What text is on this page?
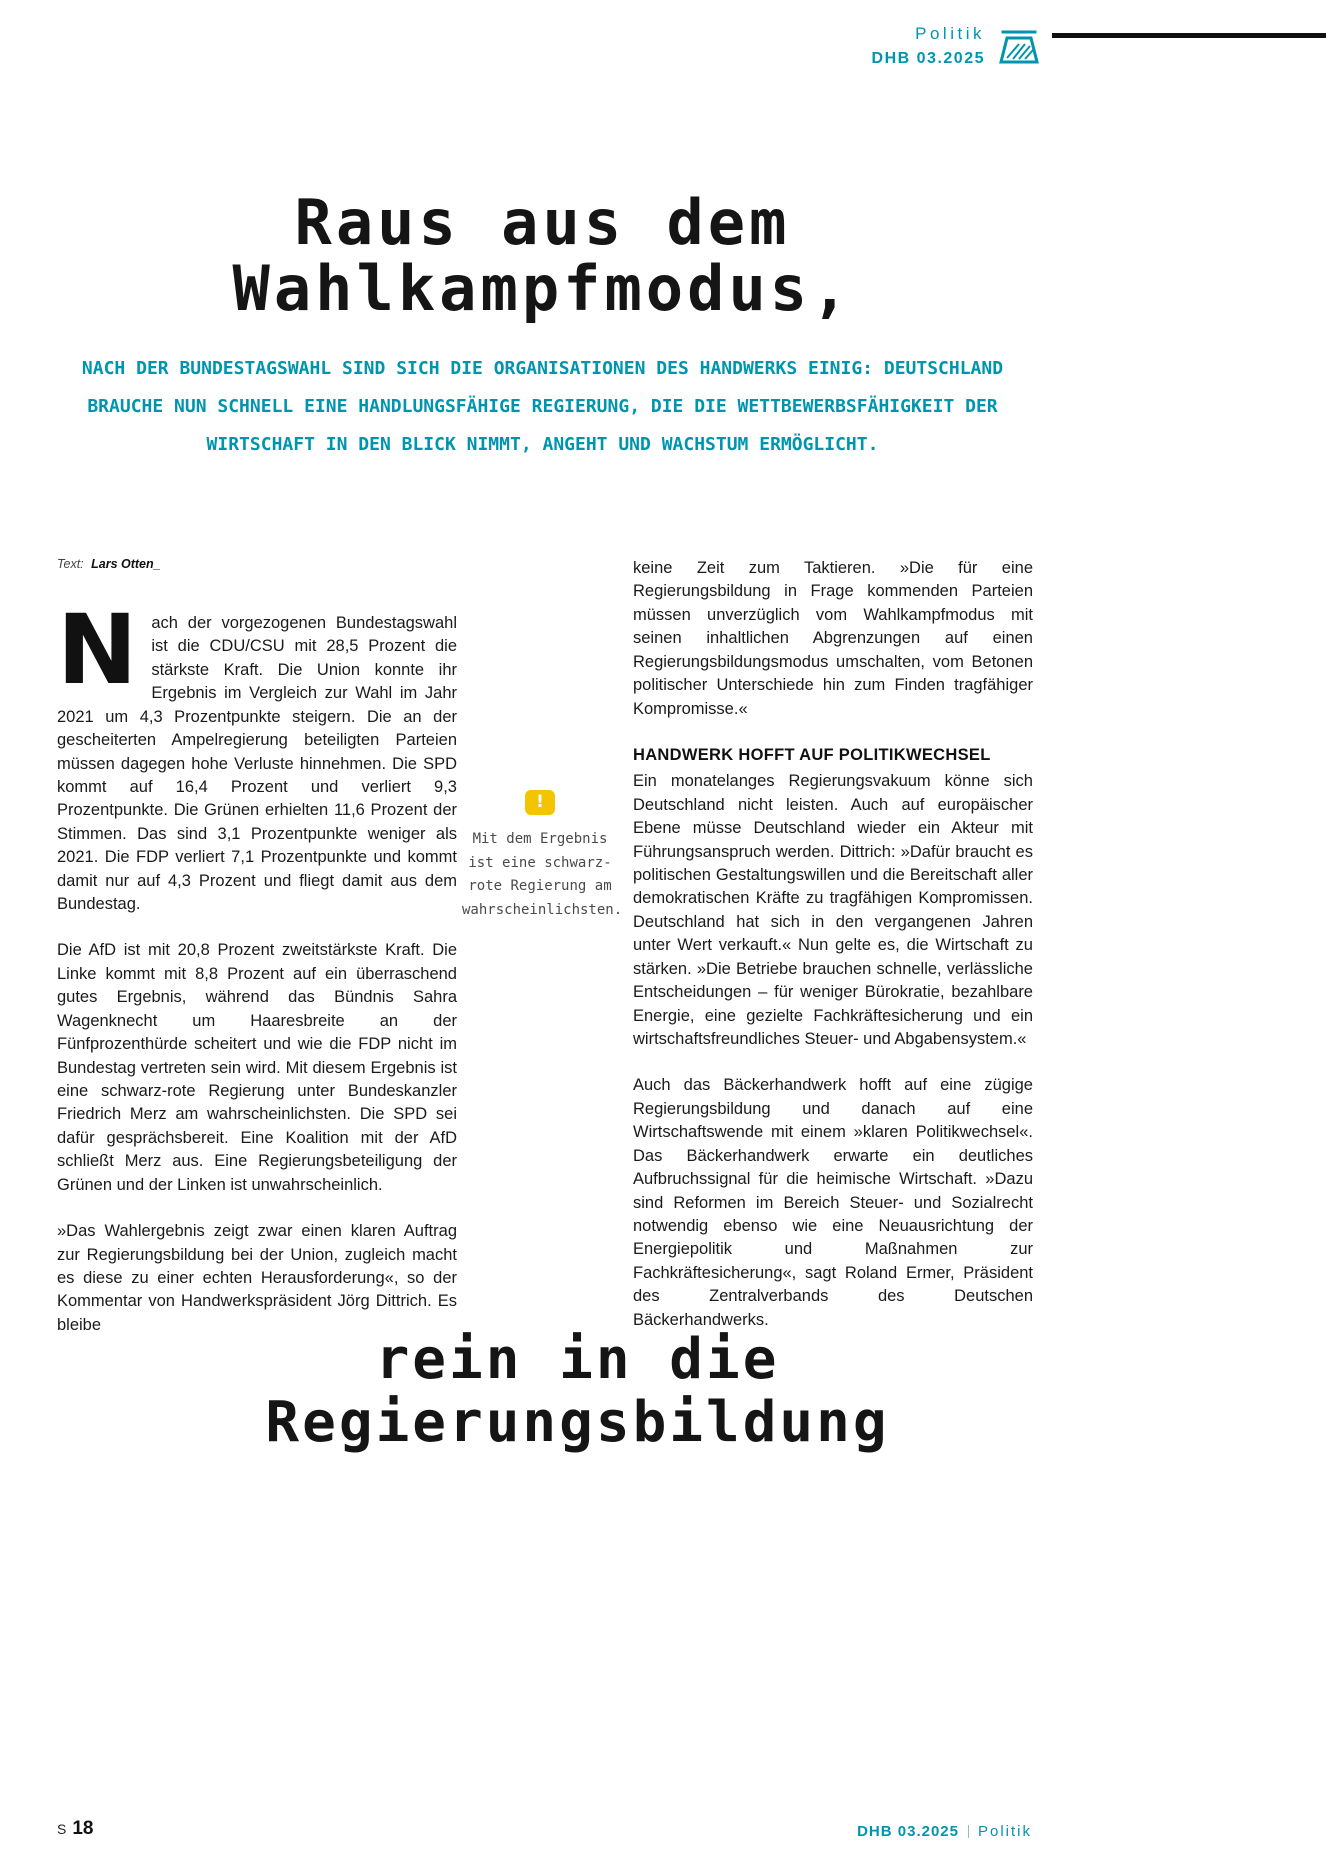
Politik
DHB 03.2025
Raus aus dem
Wahlkampfmodus,
NACH DER BUNDESTAGSWAHL SIND SICH DIE ORGANISATIONEN DES HANDWERKS EINIG: DEUTSCHLAND BRAUCHE NUN SCHNELL EINE HANDLUNGSFÄHIGE REGIERUNG, DIE DIE WETTBEWERBSFÄHIGKEIT DER WIRTSCHAFT IN DEN BLICK NIMMT, ANGEHT UND WACHSTUM ERMÖGLICHT.
Text: Lars Otten_

Nach der vorgezogenen Bundestagswahl ist die CDU/CSU mit 28,5 Prozent die stärkste Kraft. Die Union konnte ihr Ergebnis im Vergleich zur Wahl im Jahr 2021 um 4,3 Prozentpunkte steigern. Die an der gescheiterten Ampelregierung beteiligten Parteien müssen dagegen hohe Verluste hinnehmen. Die SPD kommt auf 16,4 Prozent und verliert 9,3 Prozentpunkte. Die Grünen erhielten 11,6 Prozent der Stimmen. Das sind 3,1 Prozentpunkte weniger als 2021. Die FDP verliert 7,1 Prozentpunkte und kommt damit nur auf 4,3 Prozent und fliegt damit aus dem Bundestag.

Die AfD ist mit 20,8 Prozent zweitstärkste Kraft. Die Linke kommt mit 8,8 Prozent auf ein überraschend gutes Ergebnis, während das Bündnis Sahra Wagenknecht um Haaresbreite an der Fünfprozenthürde scheitert und wie die FDP nicht im Bundestag vertreten sein wird. Mit diesem Ergebnis ist eine schwarz-rote Regierung unter Bundeskanzler Friedrich Merz am wahrscheinlichsten. Die SPD sei dafür gesprächsbereit. Eine Koalition mit der AfD schließt Merz aus. Eine Regierungsbeteiligung der Grünen und der Linken ist unwahrscheinlich.

»Das Wahlergebnis zeigt zwar einen klaren Auftrag zur Regierungsbildung bei der Union, zugleich macht es diese zu einer echten Herausforderung«, so der Kommentar von Handwerkspräsident Jörg Dittrich. Es bleibe

!
Mit dem Ergebnis ist eine schwarz-rote Regierung am wahrscheinlichsten.

keine Zeit zum Taktieren. »Die für eine Regierungsbildung in Frage kommenden Parteien müssen unverzüglich vom Wahlkampfmodus mit seinen inhaltlichen Abgrenzungen auf einen Regierungsbildungsmodus umschalten, vom Betonen politischer Unterschiede hin zum Finden tragfähiger Kompromisse.«

HANDWERK HOFFT AUF POLITIKWECHSEL

Ein monatelanges Regierungsvakuum könne sich Deutschland nicht leisten. Auch auf europäischer Ebene müsse Deutschland wieder ein Akteur mit Führungsanspruch werden. Dittrich: »Dafür braucht es politischen Gestaltungswillen und die Bereitschaft aller demokratischen Kräfte zu tragfähigen Kompromissen. Deutschland hat sich in den vergangenen Jahren unter Wert verkauft.« Nun gelte es, die Wirtschaft zu stärken. »Die Betriebe brauchen schnelle, verlässliche Entscheidungen – für weniger Bürokratie, bezahlbare Energie, eine gezielte Fachkräftesicherung und ein wirtschaftsfreundliches Steuer- und Abgabensystem.«

Auch das Bäckerhandwerk hofft auf eine zügige Regierungsbildung und danach auf eine Wirtschaftswende mit einem »klaren Politikwechsel«. Das Bäckerhandwerk erwarte ein deutliches Aufbruchssignal für die heimische Wirtschaft. »Dazu sind Reformen im Bereich Steuer- und Sozialrecht notwendig ebenso wie eine Neuausrichtung der Energiepolitik und Maßnahmen zur Fachkräftesicherung«, sagt Roland Ermer, Präsident des Zentralverbands des Deutschen Bäckerhandwerks.

rein in die
Regierungsbildung
S 18	DHB 03.2025 Politik
